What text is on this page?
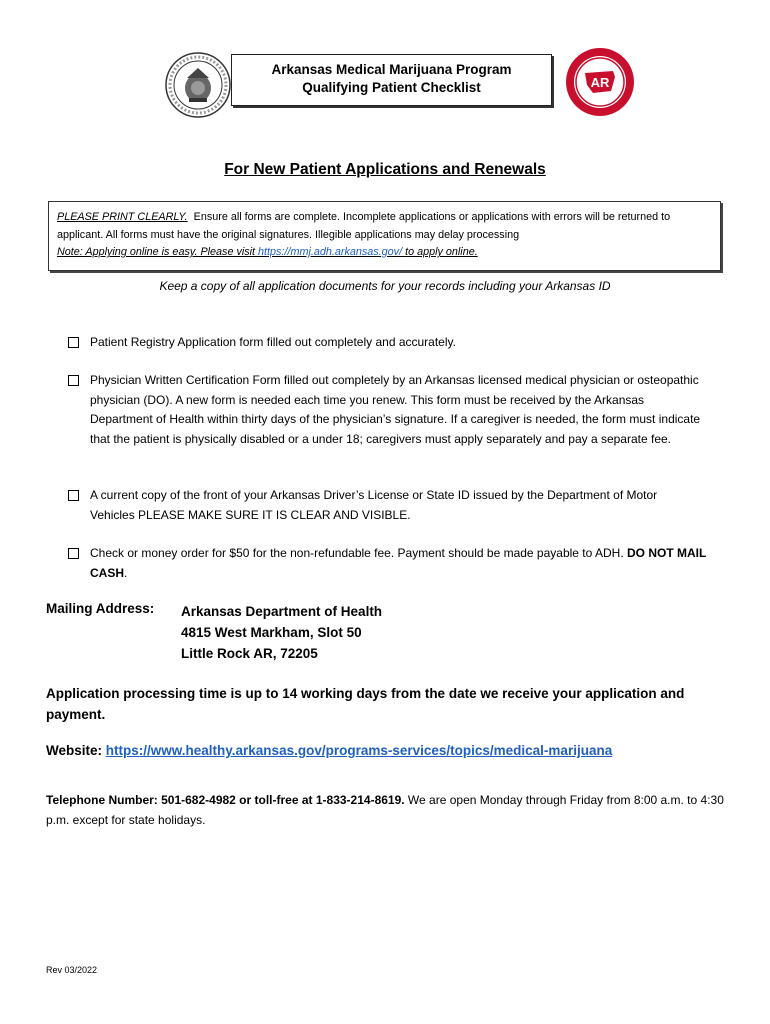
Arkansas Medical Marijuana Program
Qualifying Patient Checklist	AR
For New Patient Applications and Renewals
PLEASE PRINT CLEARLY. Ensure all forms are complete. Incomplete applications or applications with errors will be returned to
applicant. All forms must have the original signatures. Illegible applications may delay processing
Note: Applying online is easy. Please visit https://mmj.adh.arkansas.gov/ to apply online.
Keep a copy of all application documents for your records including your Arkansas ID
Patient Registry Application form filled out completely and accurately.
Physician Written Certification Form filled out completely by an Arkansas licensed medical physician or osteopathic physician (DO). A new form is needed each time you renew. This form must be received by the Arkansas Department of Health within thirty days of the physician’s signature. If a caregiver is needed, the form must indicate that the patient is physically disabled or a under 18; caregivers must apply separately and pay a separate fee.
A current copy of the front of your Arkansas Driver’s License or State ID issued by the Department of Motor Vehicles PLEASE MAKE SURE IT IS CLEAR AND VISIBLE.
Check or money order for $50 for the non-refundable fee. Payment should be made payable to ADH. DO NOT MAIL CASH.
Mailing Address: Arkansas Department of Health
4815 West Markham, Slot 50
Little Rock AR, 72205
Application processing time is up to 14 working days from the date we receive your application and payment.
Website: https://www.healthy.arkansas.gov/programs-services/topics/medical-marijuana
Telephone Number: 501-682-4982 or toll-free at 1-833-214-8619. We are open Monday through Friday from 8:00 a.m. to 4:30 p.m. except for state holidays.
Rev 03/2022
